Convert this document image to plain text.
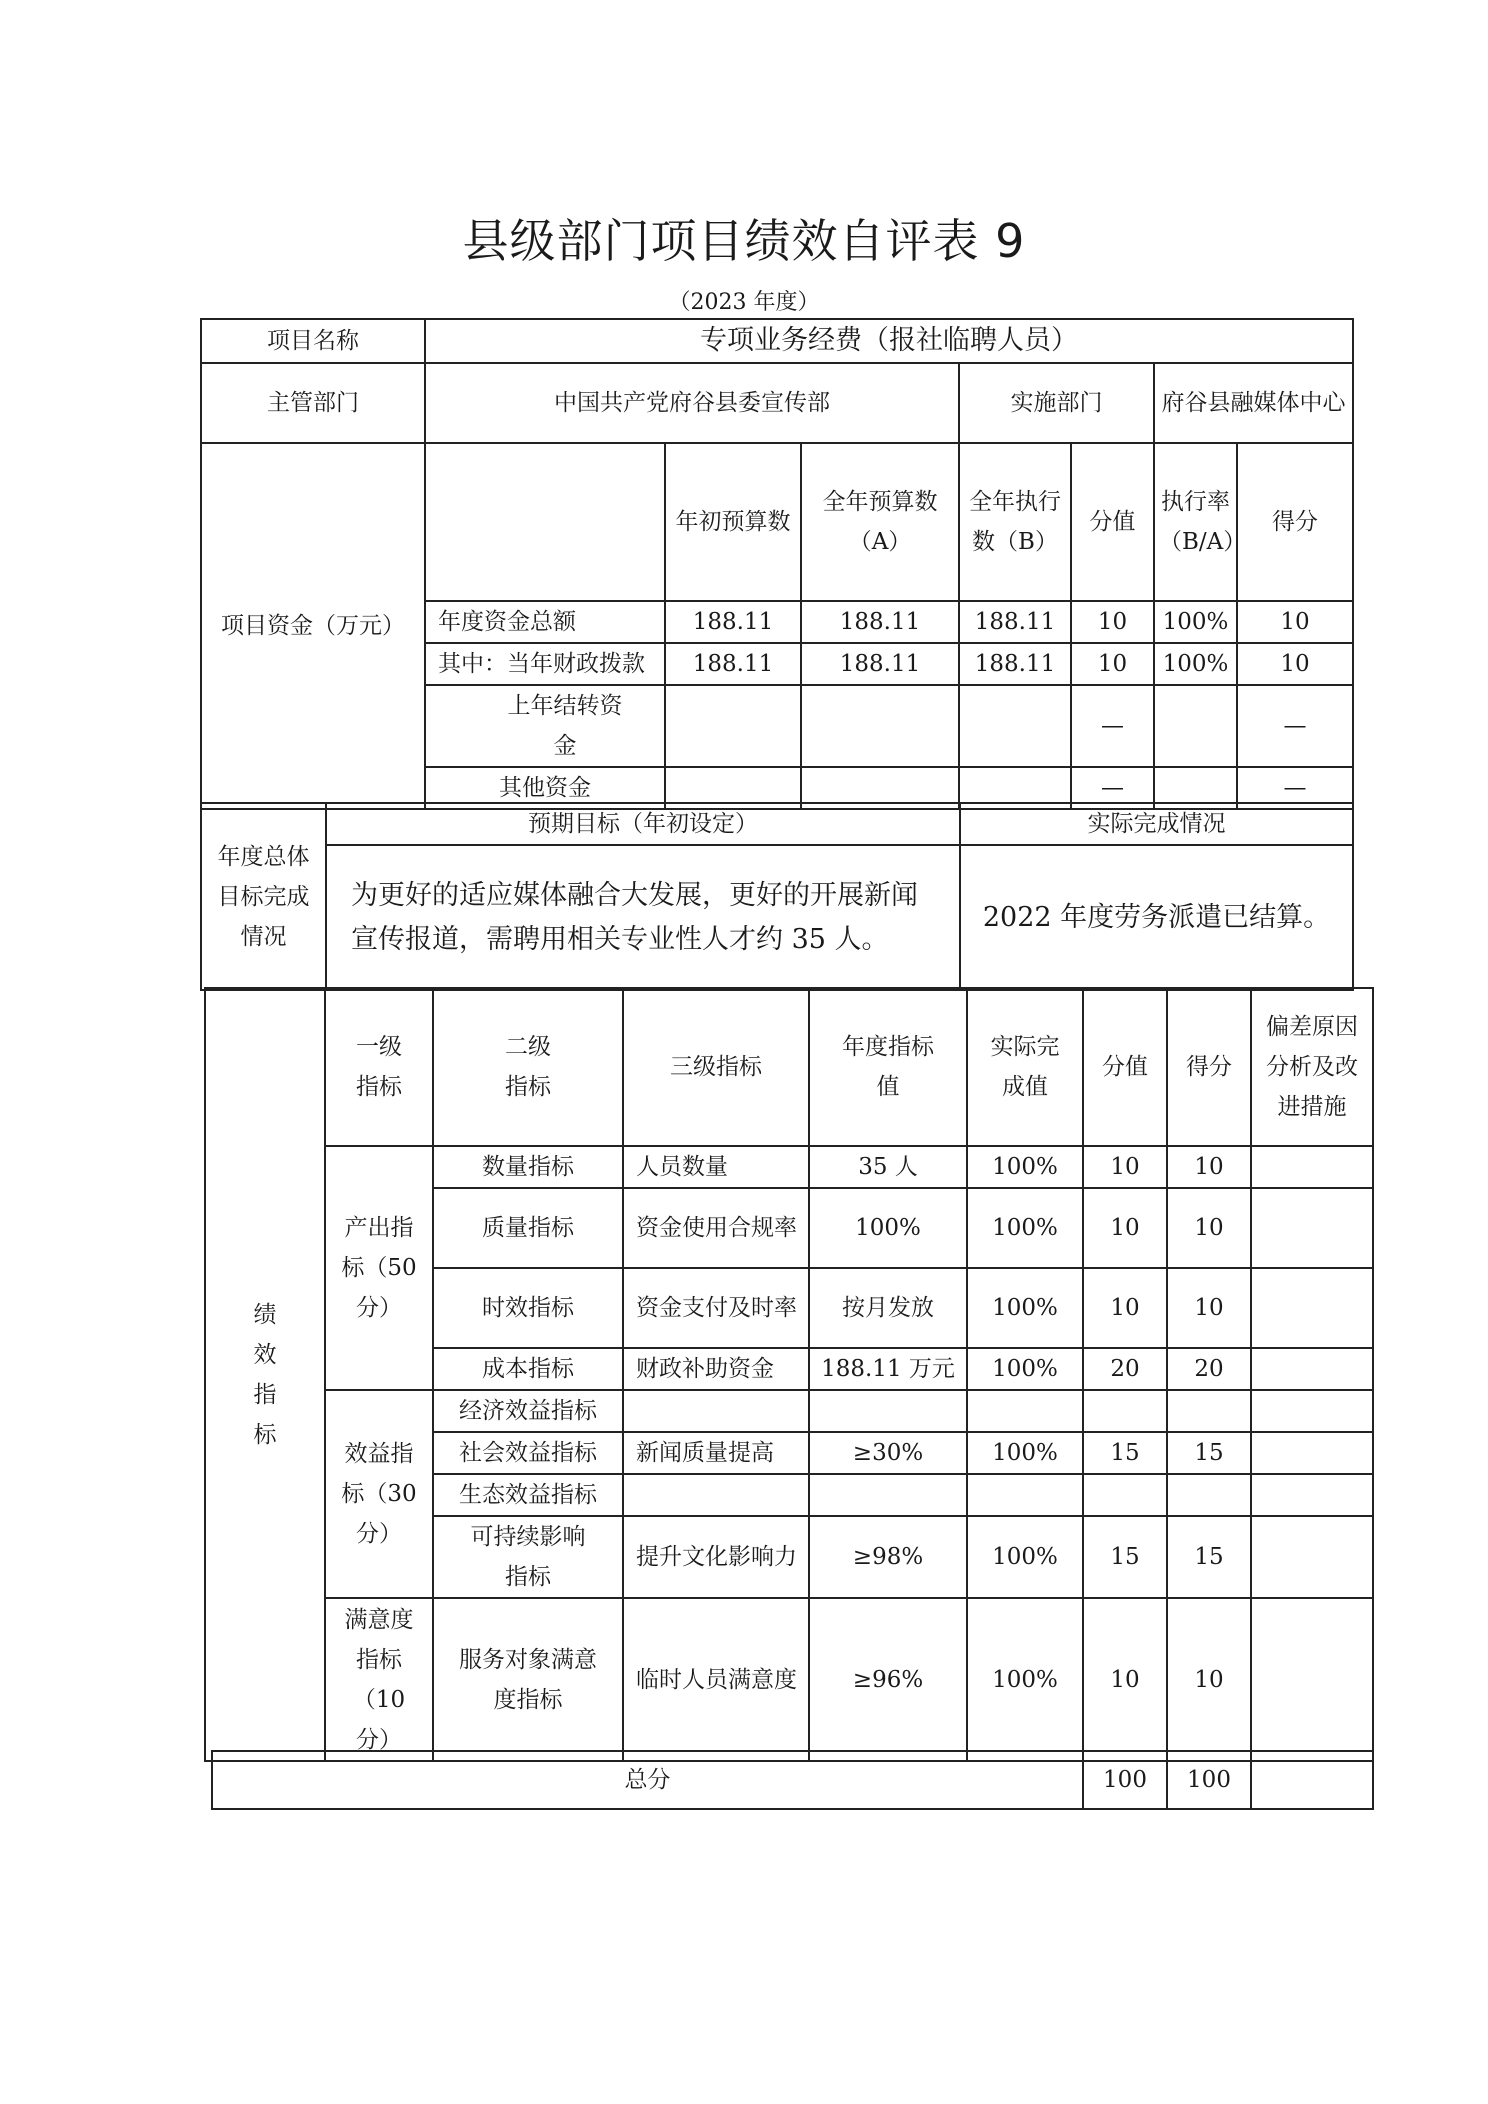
县级部门项目绩效自评表 9
（2023 年度）
项目名称	专项业务经费（报社临聘人员）						
主管部门	中国共产党府谷县委宣传部			实施部门		府谷县融媒体中心	
项目资金（万元）		年初预算数	全年预算数（A）	全年执行数（B）	分值	执行率（B/A）	得分
	年度资金总额	188.11	188.11	188.11	10	100%	10
	其中：当年财政拨款	188.11	188.11	188.11	10	100%	10
	上年结转资金				—		—
	其他资金				—		—
年度总体目标完成情况	预期目标（年初设定）	实际完成情况
	为更好的适应媒体融合大发展，更好的开展新闻宣传报道，需聘用相关专业性人才约 35 人。	2022 年度劳务派遣已结算。
绩效指标	一级指标	二级指标	三级指标	年度指标值	实际完成值	分值	得分	偏差原因分析及改进措施
	产出指标（50分）	数量指标	人员数量	35 人	100%	10	10	
		质量指标	资金使用合规率	100%	100%	10	10	
		时效指标	资金支付及时率	按月发放	100%	10	10	
		成本指标	财政补助资金	188.11 万元	100%	20	20	
	效益指标（30分）	经济效益指标						
		社会效益指标	新闻质量提高	≥30%	100%	15	15	
		生态效益指标						
		可持续影响指标	提升文化影响力	≥98%	100%	15	15	
	满意度指标（10分）	服务对象满意度指标	临时人员满意度	≥96%	100%	10	10	
总分	100	100	
